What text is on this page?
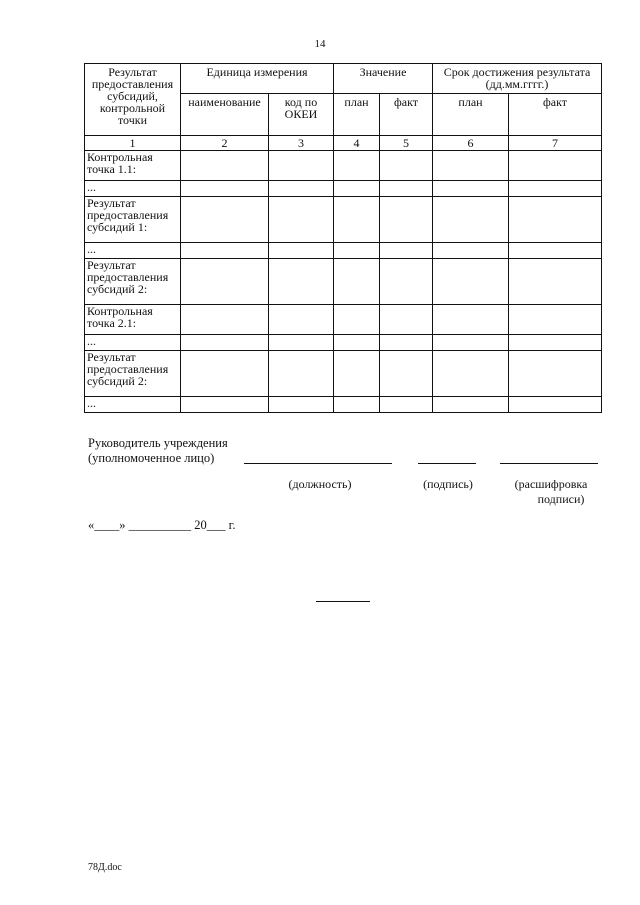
14
Результат предоставления субсидий, контрольной точки	Единица измерения		Значение		Срок достижения результата (дд.мм.гггг.)	
	наименование	код по ОКЕИ	план	факт	план	факт
1	2	3	4	5	6	7
Контрольная точка 1.1:						
...						
Результат предоставления субсидий 1:						
...						
Результат предоставления субсидий 2:						
Контрольная точка 2.1:						
...						
Результат предоставления субсидий 2:						
...						
Руководитель учреждения
(уполномоченное лицо)
(должность)	(подпись)	(расшифровка
подписи)
«____» __________ 20___ г.
78Д.doc
